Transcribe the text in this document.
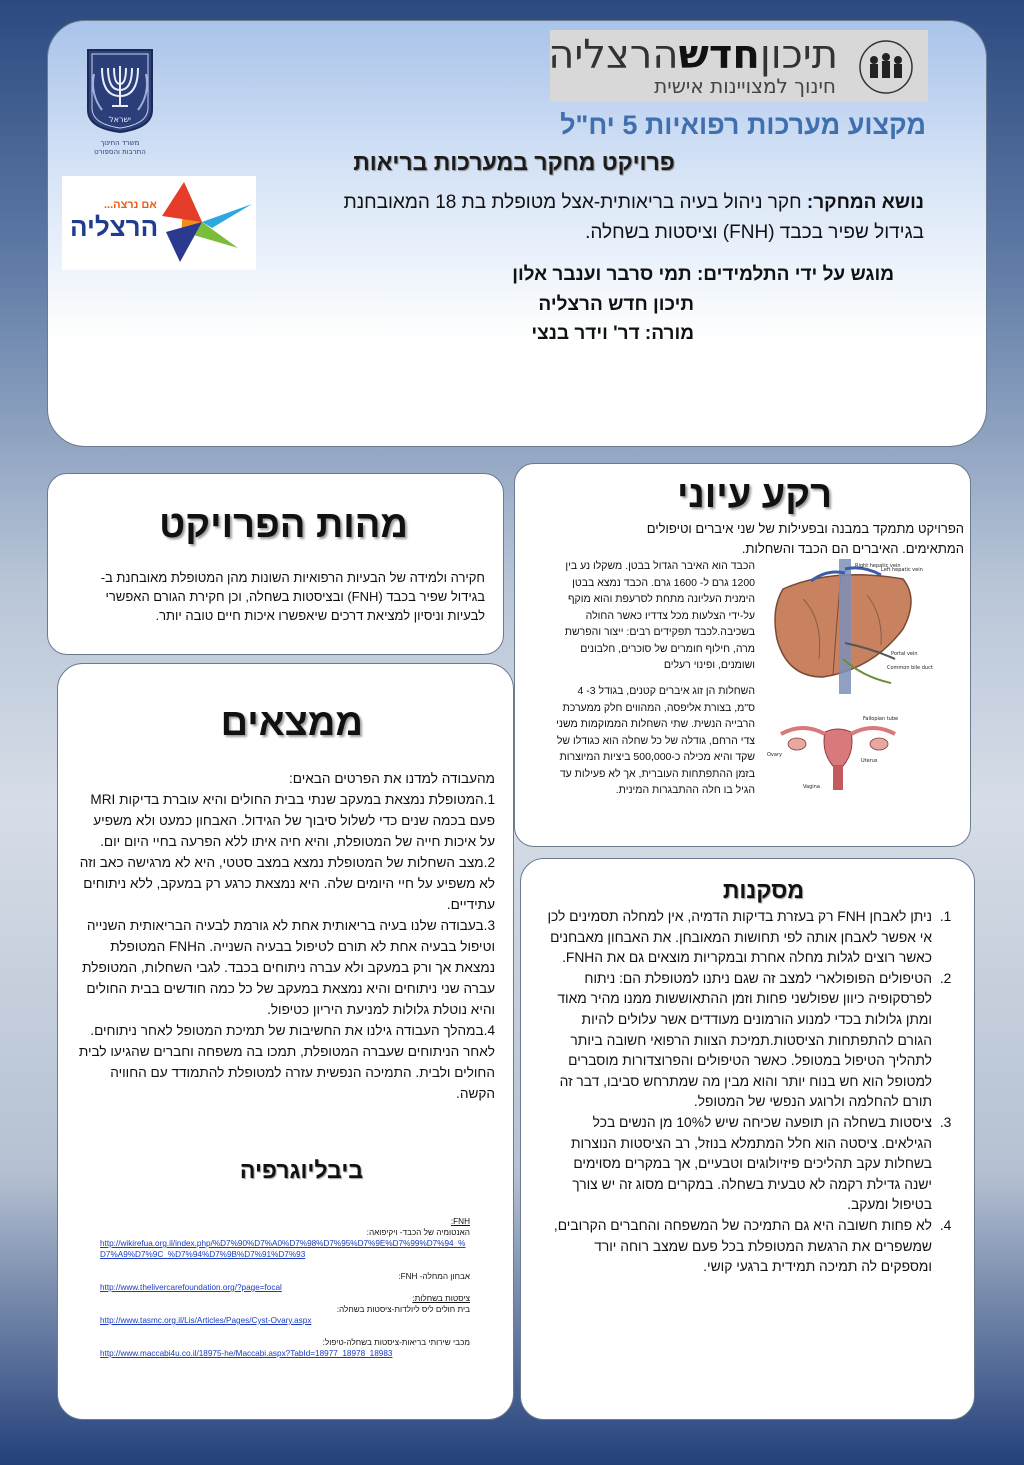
ישראל
משרד החינוך
התרבות והספורט
תיכוןחדשהרצליה
חינוך למצויינות אישית
אם נרצה...
הרצליה
מקצוע מערכות רפואיות 5 יח"ל
פרויקט מחקר במערכות בריאות
נושא המחקר: חקר ניהול בעיה בריאותית-אצל מטופלת בת 18 המאובחנת בגידול שפיר בכבד (FNH) וציסטות בשחלה.
מוגש על ידי התלמידים: תמי סרבר וענבר אלון
תיכון חדש הרצליה
מורה: דר' וידר בנצי
מהות הפרויקט
חקירה ולמידה של הבעיות הרפואיות השונות מהן המטופלת מאובחנת ב- בגידול שפיר בכבד (FNH) ובציסטות בשחלה, וכן חקירת הגורם האפשרי לבעיות וניסיון למציאת דרכים שיאפשרו איכות חיים טובה יותר.
רקע עיוני
הפרויקט מתמקד במבנה ובפעילות של שני איברים וטיפולים המתאימים. האיברים הם הכבד והשחלות.
הכבד הוא האיבר הגדול בבטן. משקלו נע בין 1200 גרם ל- 1600 גרם. הכבד נמצא בבטן הימנית העליונה מתחת לסרעפת והוא מוקף על-ידי הצלעות מכל צדדיו כאשר החולה בשכיבה.לכבד תפקידים רבים: ייצור והפרשת מרה, חילוף חומרים של סוכרים, חלבונים ושומנים, ופינוי רעלים
השחלות הן זוג איברים קטנים, בגודל 3- 4 ס"מ, בצורת אליפסה, המהווים חלק ממערכת הרבייה הנשית. שתי השחלות הממוקמות משני צדי הרחם, גודלה של כל שחלה הוא כגודלו של שקד והיא מכילה כ-500,000 ביציות המיוצרות בזמן ההתפתחות העוברית, אך לא פעילות עד הגיל בו חלה ההתבגרות המינית.
Right hepatic vein
Left hepatic vein
Portal vein
Common bile duct
Fallopian tube
Ovary
Uterus
Vagina
ממצאים

מהעבודה למדנו את הפרטים הבאים:

1.המטופלת נמצאת במעקב שנתי בבית החולים והיא עוברת בדיקות MRI פעם בכמה שנים כדי לשלול סיבוך של הגידול. האבחון כמעט ולא משפיע על איכות חייה של המטופלת, והיא חיה איתו ללא הפרעה בחיי היום יום.

2.מצב השחלות של המטופלת נמצא במצב סטטי, היא לא מרגישה כאב וזה לא משפיע על חיי היומים שלה. היא נמצאת כרגע רק במעקב, ללא ניתוחים עתידיים.

3.בעבודה שלנו בעיה בריאותית אחת לא גורמת לבעיה הבריאותית השנייה וטיפול בבעיה אחת לא תורם לטיפול בבעיה השנייה. הFNH המטופלת נמצאת אך ורק במעקב ולא עברה ניתוחים בכבד. לגבי השחלות, המטופלת עברה שני ניתוחים והיא נמצאת במעקב של כל כמה חודשים בבית החולים והיא נוטלת גלולות למניעת היריון כטיפול.

4.במהלך העבודה גילנו את החשיבות של תמיכת המטופל לאחר ניתוחים. לאחר הניתוחים שעברה המטופלת, תמכו בה משפחה וחברים שהגיעו לבית החולים ולבית. התמיכה הנפשית עזרה למטופלת להתמודד עם החוויה הקשה.

ביבליוגרפיה

FNH:

האנטומיה של הכבד- ויקיפואה:

http://wikirefua.org.il/index.php/%D7%90%D7%A0%D7%98%D7%95%D7%9E%D7%99%D7%94_%D7%A9%D7%9C_%D7%94%D7%9B%D7%91%D7%93

אבחון המחלה- FNH:

http://www.thelivercarefoundation.org/?page=focal

ציסטות בשחלות:

בית חולים ליס ליולדות-ציסטות בשחלה:

http://www.tasmc.org.il/Lis/Articles/Pages/Cyst-Ovary.aspx

מכבי שירותי בריאות-ציסטות בשחלה-טיפול:

http://www.maccabi4u.co.il/18975-he/Maccabi.aspx?TabId=18977_18978_18983

מסקנות
1. ניתן לאבחן FNH רק בעזרת בדיקות הדמיה, אין למחלה תסמינים לכן אי אפשר לאבחן אותה לפי תחושות המאובחן. את האבחון מאבחנים כאשר רוצים לגלות מחלה אחרת ובמקריות מוצאים גם את הFNH.
2. הטיפולים הפופולארי למצב זה שגם ניתנו למטופלת הם: ניתוח לפרסקופיה כיוון שפולשני פחות וזמן ההתאוששות ממנו מהיר מאוד ומתן גלולות בכדי למנוע הורמונים מעודדים אשר עלולים להיות הגורם להתפתחות הציסטות.תמיכת הצוות הרפואי חשובה ביותר לתהליך הטיפול במטופל. כאשר הטיפולים והפרוצדורות מוסברים למטופל הוא חש בנוח יותר והוא מבין מה שמתרחש סביבו, דבר זה תורם להחלמה ולרוגע הנפשי של המטופל.
3. ציסטות בשחלה הן תופעה שכיחה שיש ל10% מן הנשים בכל הגילאים. ציסטה הוא חלל המתמלא בנוזל, רב הציסטות הנוצרות בשחלות עקב תהליכים פיזיולוגים וטבעיים, אך במקרים מסוימים ישנה גדילת רקמה לא טבעית בשחלה. במקרים מסוג זה יש צורך בטיפול ומעקב.
4. לא פחות חשובה היא גם התמיכה של המשפחה והחברים הקרובים, שמשפרים את הרגשת המטופלת בכל פעם שמצב רוחה יורד ומספקים לה תמיכה תמידית ברגעי קושי.
